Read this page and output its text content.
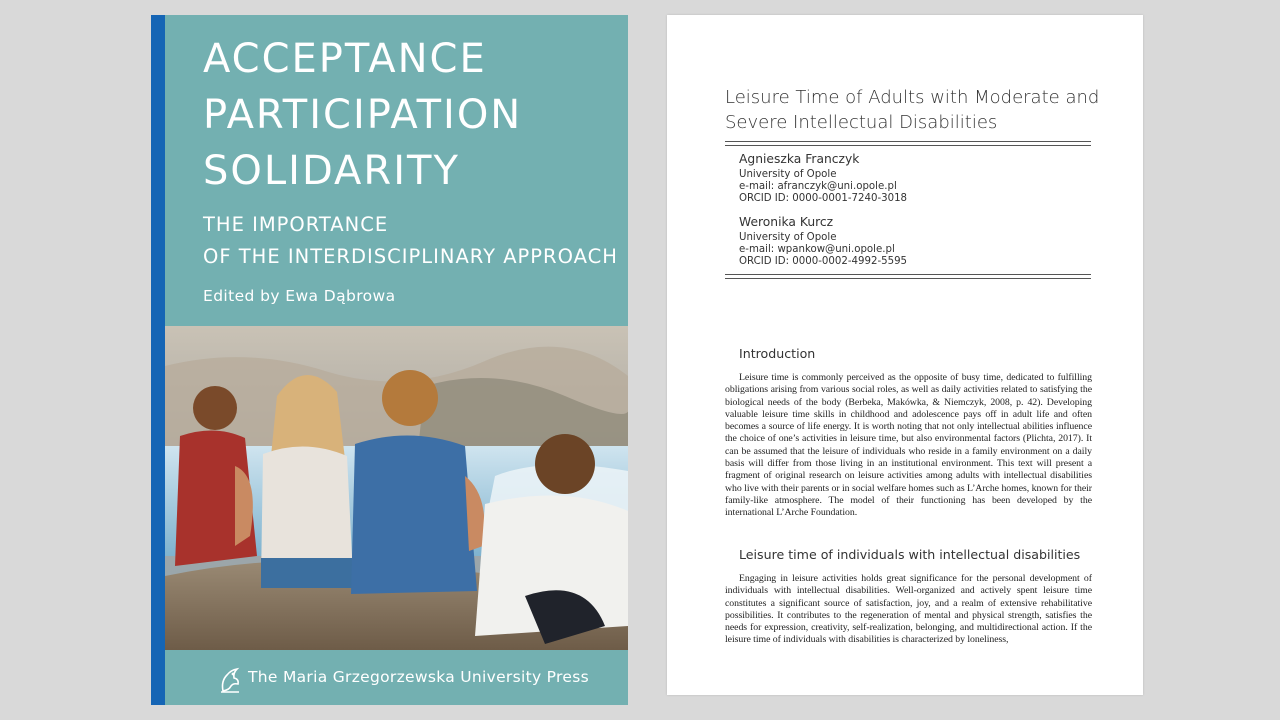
ACCEPTANCE
PARTICIPATION
SOLIDARITY
THE IMPORTANCE
OF THE INTERDISCIPLINARY APPROACH
Edited by Ewa Dąbrowa
The Maria Grzegorzewska University Press
Leisure Time of Adults with Moderate and Severe Intellectual Disabilities
Agnieszka Franczyk
University of Opole
e-mail: afranczyk@uni.opole.pl
ORCID ID: 0000-0001-7240-3018
Weronika Kurcz
University of Opole
e-mail: wpankow@uni.opole.pl
ORCID ID: 0000-0002-4992-5595
Introduction

Leisure time is commonly perceived as the opposite of busy time, dedicated to fulfilling obligations arising from various social roles, as well as daily activities related to satisfying the biological needs of the body (Berbeka, Makówka, & Niemczyk, 2008, p. 42). Developing valuable leisure time skills in childhood and adolescence pays off in adult life and often becomes a source of life energy. It is worth noting that not only intellectual abilities influence the choice of one’s activities in leisure time, but also environmental factors (Plichta, 2017). It can be assumed that the leisure of individuals who reside in a family environment on a daily basis will differ from those living in an institutional environment. This text will present a fragment of original research on leisure activities among adults with intellectual disabilities who live with their parents or in social welfare homes such as L’Arche homes, known for their family-like atmosphere. The model of their functioning has been developed by the international L’Arche Foundation.

Leisure time of individuals with intellectual disabilities

Engaging in leisure activities holds great significance for the personal development of individuals with intellectual disabilities. Well-organized and actively spent leisure time constitutes a significant source of satisfaction, joy, and a realm of extensive rehabilitative possibilities. It contributes to the regeneration of mental and physical strength, satisfies the needs for expression, creativity, self-realization, belonging, and multidirectional action. If the leisure time of individuals with disabilities is characterized by loneliness,
